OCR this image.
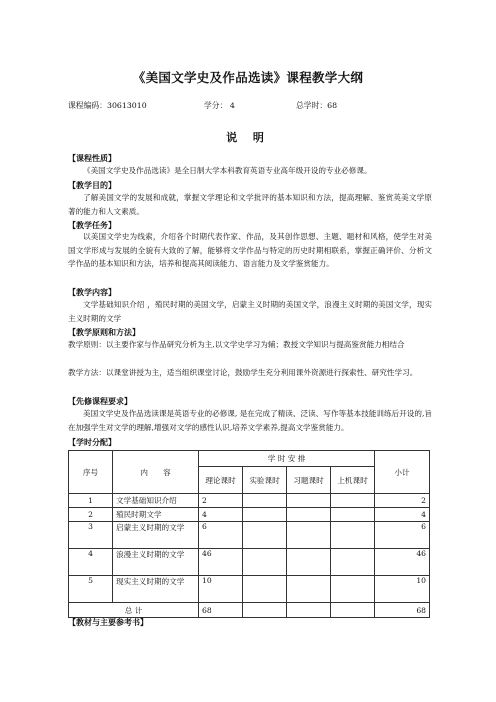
《美国文学史及作品选读》课程教学大纲
课程编码：30613010	学分： 4	总学时：68
说 明
【课程性质】
《美国文学史及作品选读》是全日制大学本科教育英语专业高年级开设的专业必修课。
【教学目的】
了解美国文学的发展和成就，掌握文学理论和文学批评的基本知识和方法，提高理解、鉴赏英美文学原著的能力和人文素质。
【教学任务】
以美国文学史为线索，介绍各个时期代表作家、作品，及其创作思想、主题、题材和风格，使学生对美国文学形成与发展的全貌有大致的了解，能够将文学作品与特定的历史时期相联系，掌握正确评价、分析文学作品的基本知识和方法，培养和提高其阅读能力、语言能力及文学鉴赏能力。
【教学内容】
文学基础知识介绍 ，殖民时期的美国文学，启蒙主义时期的美国文学，浪漫主义时期的美国文学，现实主义时期的文学
【教学原则和方法】
教学原则：以主要作家与作品研究分析为主,以文学史学习为辅；教授文学知识与提高鉴赏能力相结合
教学方法：以课堂讲授为主，适当组织课堂讨论，鼓励学生充分利用课外资源进行探索性、研究性学习。
【先修课程要求】
美国文学史及作品选读课是英语专业的必修课, 是在完成了精读、泛读、写作等基本技能训练后开设的,旨在加强学生对文学的理解,增强对文学的感性认识,培养文学素养,提高文学鉴赏能力。
【学时分配】
序号	内　　容	学 时 安 排				小计
		理论课时	实验课时	习题课时	上机课时	
1	文学基础知识介绍	2				2
2	殖民时期文学	4				4
3	启蒙主义时期的文学	6				6
4	浪漫主义时期的文学	46				46
5	现实主义时期的文学	10				10
总 计		68				68
【教材与主要参考书】
